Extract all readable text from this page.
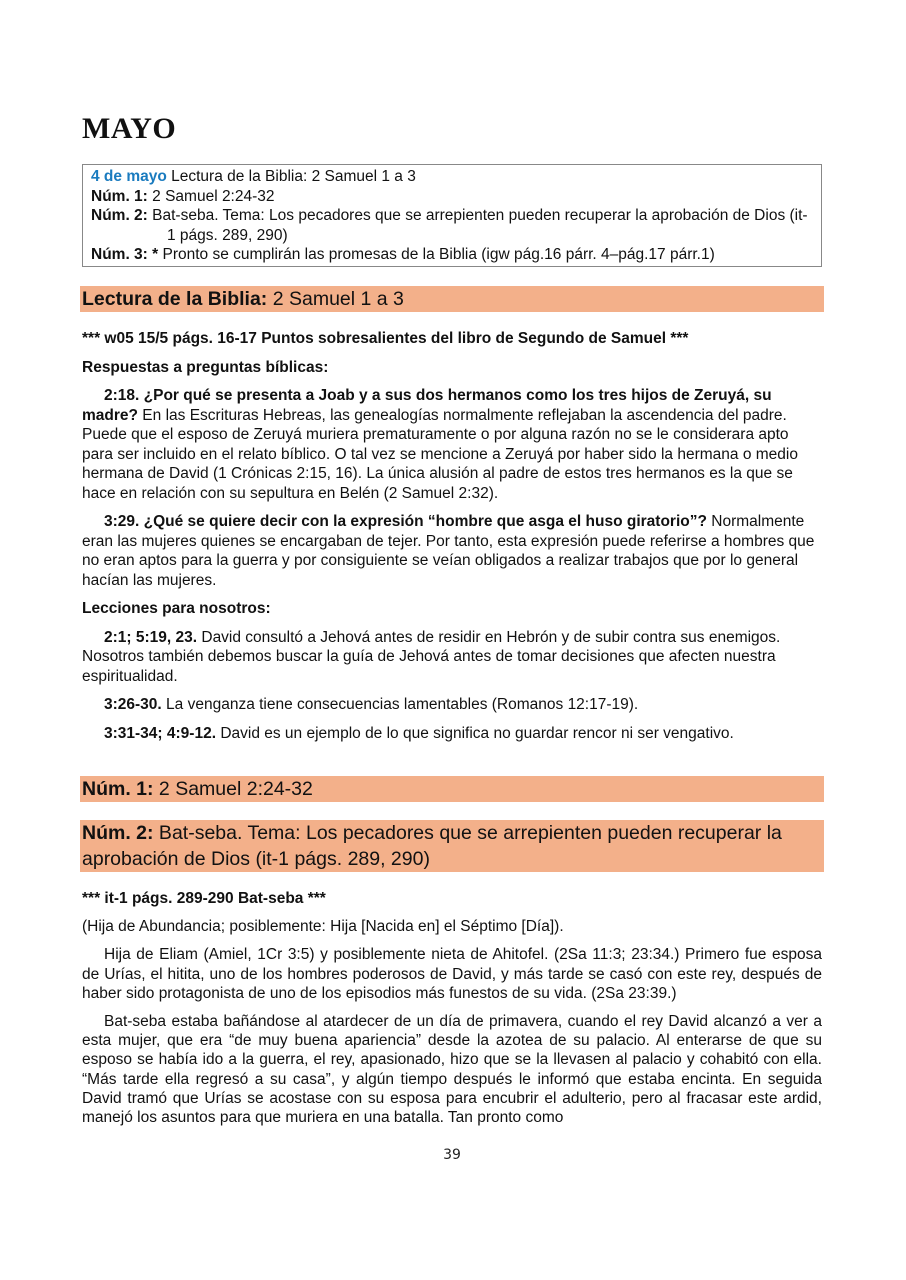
MAYO

4 de mayo Lectura de la Biblia: 2 Samuel 1 a 3

Núm. 1: 2 Samuel 2:24-32

Núm. 2: Bat-seba. Tema: Los pecadores que se arrepienten pueden recuperar la aprobación de Dios (it-1 págs. 289, 290)

Núm. 3: * Pronto se cumplirán las promesas de la Biblia (igw pág.16 párr. 4–pág.17 párr.1)

Lectura de la Biblia: 2 Samuel 1 a 3

*** w05 15/5 págs. 16-17 Puntos sobresalientes del libro de Segundo de Samuel ***

Respuestas a preguntas bíblicas:

2:18. ¿Por qué se presenta a Joab y a sus dos hermanos como los tres hijos de Zeruyá, su madre? En las Escrituras Hebreas, las genealogías normalmente reflejaban la ascendencia del padre. Puede que el esposo de Zeruyá muriera prematuramente o por alguna razón no se le considerara apto para ser incluido en el relato bíblico. O tal vez se mencione a Zeruyá por haber sido la hermana o medio hermana de David (1 Crónicas 2:15, 16). La única alusión al padre de estos tres hermanos es la que se hace en relación con su sepultura en Belén (2 Samuel 2:32).

3:29. ¿Qué se quiere decir con la expresión “hombre que asga el huso giratorio”? Normalmente eran las mujeres quienes se encargaban de tejer. Por tanto, esta expresión puede referirse a hombres que no eran aptos para la guerra y por consiguiente se veían obligados a realizar trabajos que por lo general hacían las mujeres.

Lecciones para nosotros:

2:1; 5:19, 23. David consultó a Jehová antes de residir en Hebrón y de subir contra sus enemigos. Nosotros también debemos buscar la guía de Jehová antes de tomar decisiones que afecten nuestra espiritualidad.

3:26-30. La venganza tiene consecuencias lamentables (Romanos 12:17-19).

3:31-34; 4:9-12. David es un ejemplo de lo que significa no guardar rencor ni ser vengativo.

Núm. 1: 2 Samuel 2:24-32
Núm. 2: Bat-seba. Tema: Los pecadores que se arrepienten pueden recuperar la aprobación de Dios (it-1 págs. 289, 290)

*** it-1 págs. 289-290 Bat-seba ***

(Hija de Abundancia; posiblemente: Hija [Nacida en] el Séptimo [Día]).

Hija de Eliam (Amiel, 1Cr 3:5) y posiblemente nieta de Ahitofel. (2Sa 11:3; 23:34.) Primero fue esposa de Urías, el hitita, uno de los hombres poderosos de David, y más tarde se casó con este rey, después de haber sido protagonista de uno de los episodios más funestos de su vida. (2Sa 23:39.)

Bat-seba estaba bañándose al atardecer de un día de primavera, cuando el rey David alcanzó a ver a esta mujer, que era “de muy buena apariencia” desde la azotea de su palacio. Al enterarse de que su esposo se había ido a la guerra, el rey, apasionado, hizo que se la llevasen al palacio y cohabitó con ella. “Más tarde ella regresó a su casa”, y algún tiempo después le informó que estaba encinta. En seguida David tramó que Urías se acostase con su esposa para encubrir el adulterio, pero al fracasar este ardid, manejó los asuntos para que muriera en una batalla. Tan pronto como

39
